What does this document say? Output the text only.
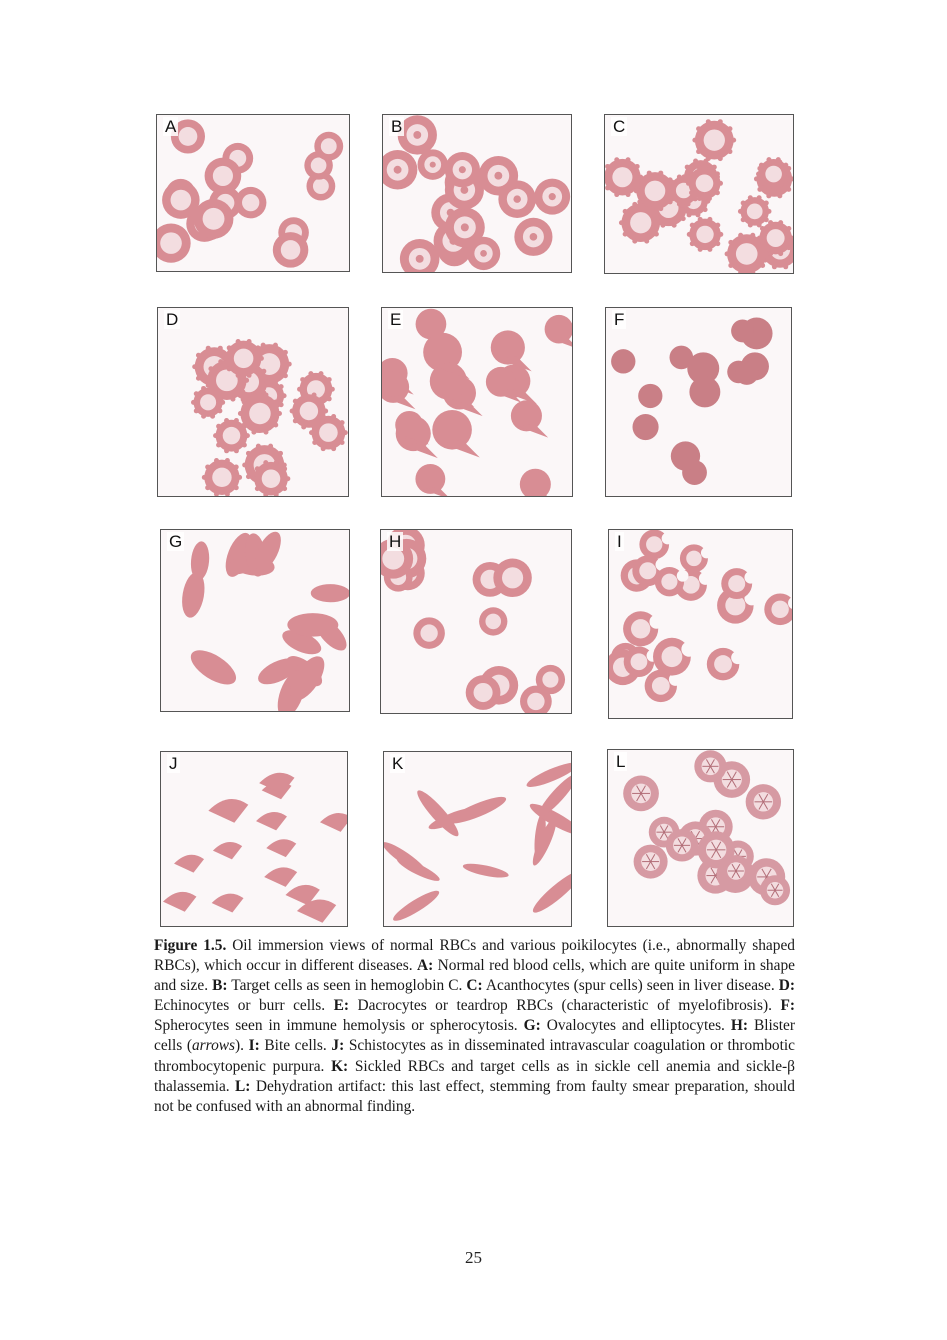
A	B	C
D	E	F
G	H	I
J	K	L
Figure 1.5. Oil immersion views of normal RBCs and various poikilocytes (i.e., abnormally shaped RBCs), which occur in different diseases. A: Normal red blood cells, which are quite uniform in shape and size. B: Target cells as seen in hemoglobin C. C: Acanthocytes (spur cells) seen in liver disease. D: Echinocytes or burr cells. E: Dacrocytes or teardrop RBCs (characteristic of myelofibrosis). F: Spherocytes seen in immune hemolysis or spherocytosis. G: Ovalocytes and elliptocytes. H: Blister cells (arrows). I: Bite cells. J: Schistocytes as in disseminated intravascular coagulation or thrombotic thrombocytopenic purpura. K: Sickled RBCs and target cells as in sickle cell anemia and sickle-β thalassemia. L: Dehydration artifact: this last effect, stemming from faulty smear preparation, should not be confused with an abnormal finding.
25
